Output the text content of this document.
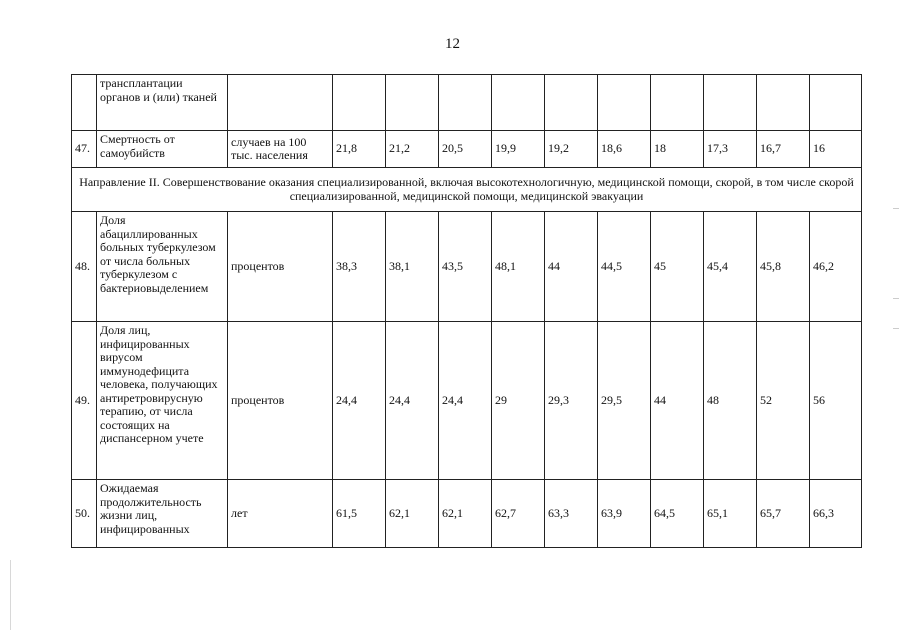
12
	трансплантации органов и (или) тканей											
47.	Смертность от самоубийств	случаев на 100 тыс. населения	21,8	21,2	20,5	19,9	19,2	18,6	18	17,3	16,7	16
Направление II. Совершенствование оказания специализированной, включая высокотехнологичную, медицинской помощи, скорой, в том числе скорой специализированной, медицинской помощи, медицинской эвакуации												
48.	Доля абациллированных больных туберкулезом от числа больных туберкулезом с бактериовыделением	процентов	38,3	38,1	43,5	48,1	44	44,5	45	45,4	45,8	46,2
49.	Доля лиц, инфицированных вирусом иммунодефицита человека, получающих антиретровирусную терапию, от числа состоящих на диспансерном учете	процентов	24,4	24,4	24,4	29	29,3	29,5	44	48	52	56
50.	Ожидаемая продолжительность жизни лиц, инфицированных	лет	61,5	62,1	62,1	62,7	63,3	63,9	64,5	65,1	65,7	66,3
